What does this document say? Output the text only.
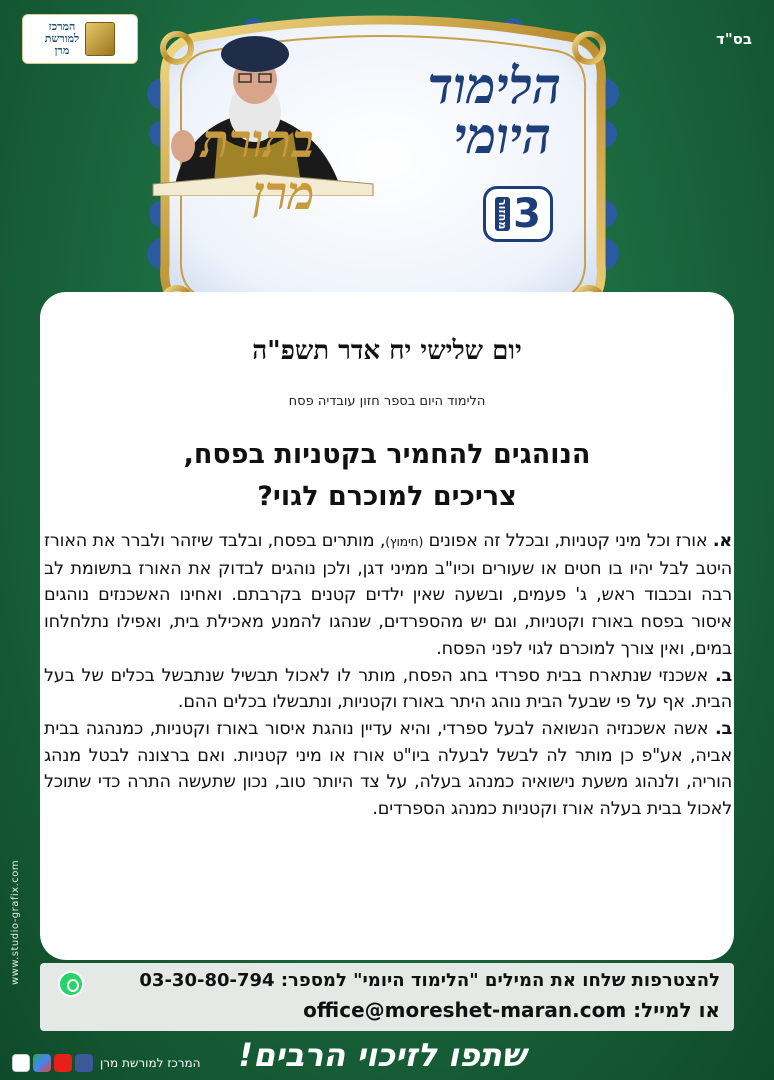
בס"ד
המרכז
למורשת
מרן
הלימוד
היומי
בתורת
מרן	מחזור 3
יום שלישי יח אדר תשפ"ה
הלימוד היום בספר חזון עובדיה פסח
הנוהגים להחמיר בקטניות בפסח,
צריכים למוכרם לגוי?

א. אורז וכל מיני קטניות, ובכלל זה אפונים (חימוץ), מותרים בפסח, ובלבד שיזהר ולברר את האורז היטב לבל יהיו בו חטים או שעורים וכיו"ב ממיני דגן, ולכן נוהגים לבדוק את האורז בתשומת לב רבה ובכבוד ראש, ג' פעמים, ובשעה שאין ילדים קטנים בקרבתם. ואחינו האשכנזים נוהגים איסור בפסח באורז וקטניות, וגם יש מהספרדים, שנהגו להמנע מאכילת בית, ואפילו נתלחלחו במים, ואין צורך למוכרם לגוי לפני הפסח.

ב. אשכנזי שנתארח בבית ספרדי בחג הפסח, מותר לו לאכול תבשיל שנתבשל בכלים של בעל הבית. אף על פי שבעל הבית נוהג היתר באורז וקטניות, ונתבשלו בכלים ההם.

ב. אשה אשכנזיה הנשואה לבעל ספרדי, והיא עדיין נוהגת איסור באורז וקטניות, כמנהגה בבית אביה, אע"פ כן מותר לה לבשל לבעלה ביו"ט אורז או מיני קטניות. ואם ברצונה לבטל מנהג הוריה, ולנהוג משעת נישואיה כמנהג בעלה, על צד היותר טוב, נכון שתעשה התרה כדי שתוכל לאכול בבית בעלה אורז וקטניות כמנהג הספרדים.

להצטרפות שלחו את המילים "הלימוד היומי" למספר: 03-30-80-794
או למייל: office@moreshet-maran.com
שתפו לזיכוי הרבים!
המרכז למורשת מרן
www.studio-grafix.com
